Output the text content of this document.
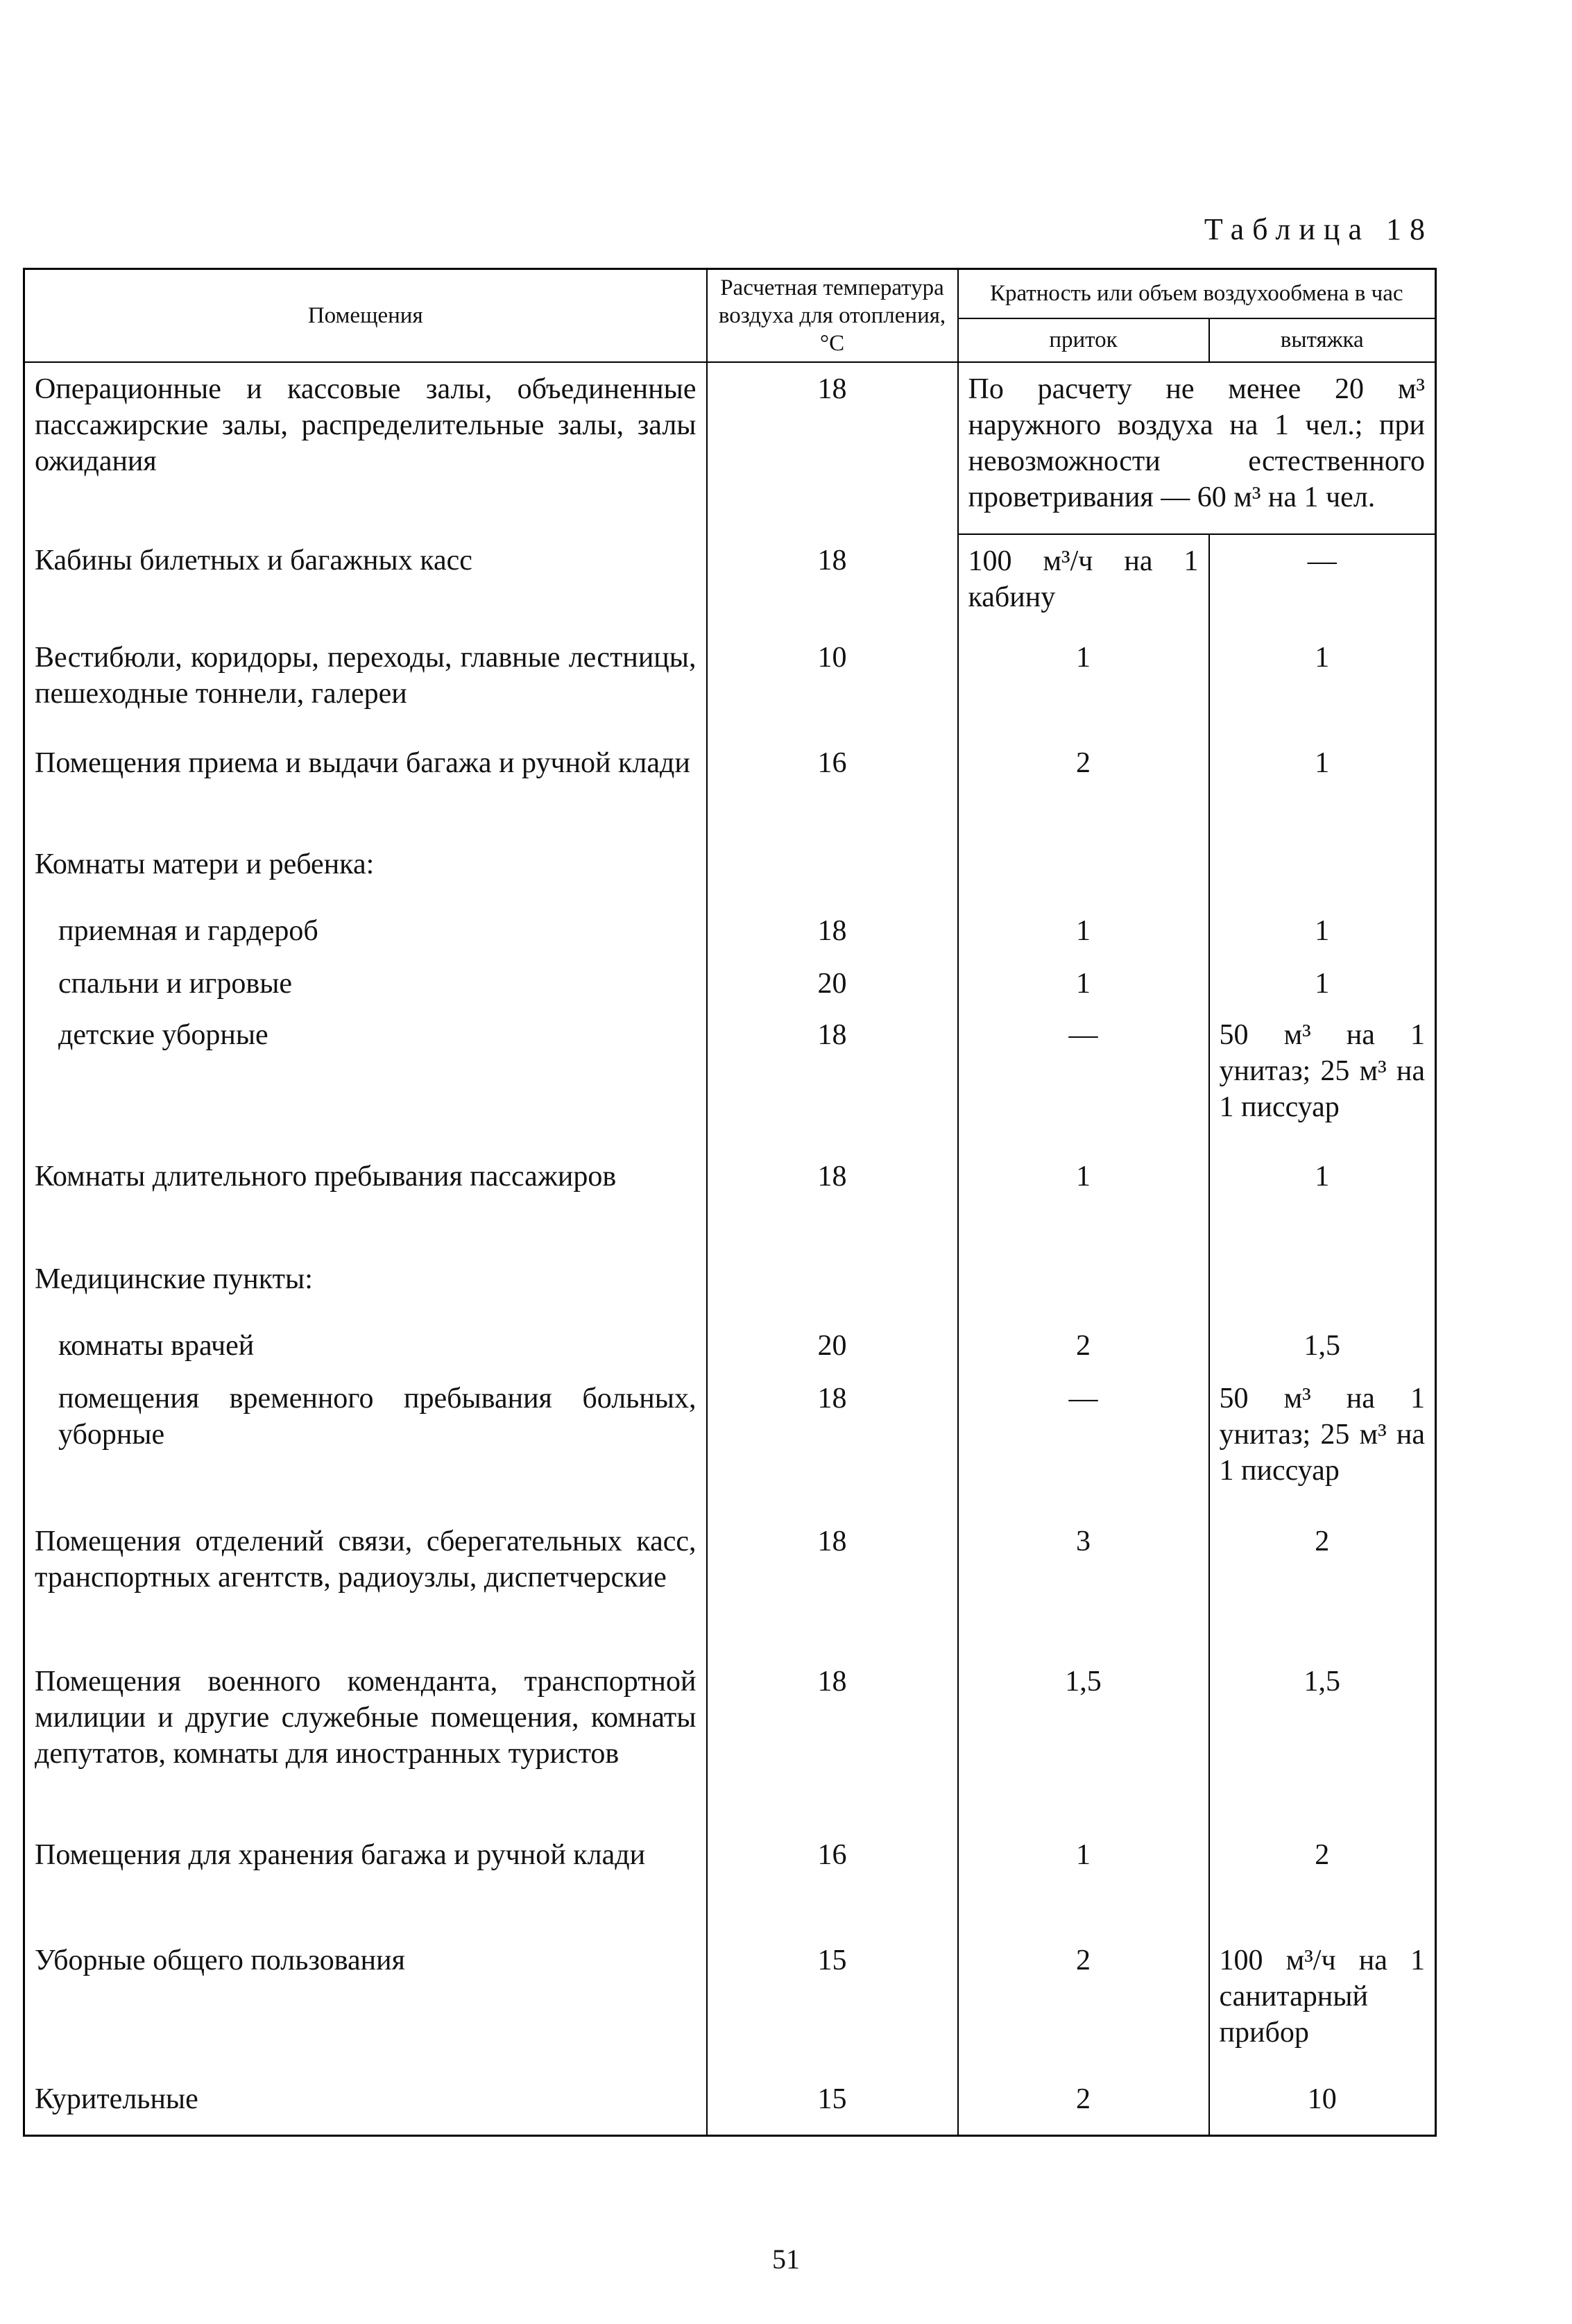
Таблица 18
Помещения	Расчетная температура воздуха для отопления, °С	Кратность или объем воздухообмена в час	
		приток	вытяжка
Операционные и кассовые залы, объединенные пассажирские залы, распределительные залы, залы ожидания	18	По расчету не менее 20 м³ наружного воздуха на 1 чел.; при невозможности естественного проветривания — 60 м³ на 1 чел.	
Кабины билетных и багажных касс	18	100 м³/ч на 1 кабину	—
Вестибюли, коридоры, переходы, главные лестницы, пешеходные тоннели, галереи	10	1	1
Помещения приема и выдачи багажа и ручной клади	16	2	1
Комнаты матери и ребенка:			
приемная и гардероб	18	1	1
спальни и игровые	20	1	1
детские уборные	18	—	50 м³ на 1 унитаз; 25 м³ на 1 писсуар
Комнаты длительного пребывания пассажиров	18	1	1
Медицинские пункты:			
комнаты врачей	20	2	1,5
помещения временного пребывания больных, уборные	18	—	50 м³ на 1 унитаз; 25 м³ на 1 писсуар
Помещения отделений связи, сберегательных касс, транспортных агентств, радиоузлы, диспетчерские	18	3	2
Помещения военного коменданта, транспортной милиции и другие служебные помещения, комнаты депутатов, комнаты для иностранных туристов	18	1,5	1,5
Помещения для хранения багажа и ручной клади	16	1	2
Уборные общего пользования	15	2	100 м³/ч на 1 санитарный прибор
Курительные	15	2	10
51
